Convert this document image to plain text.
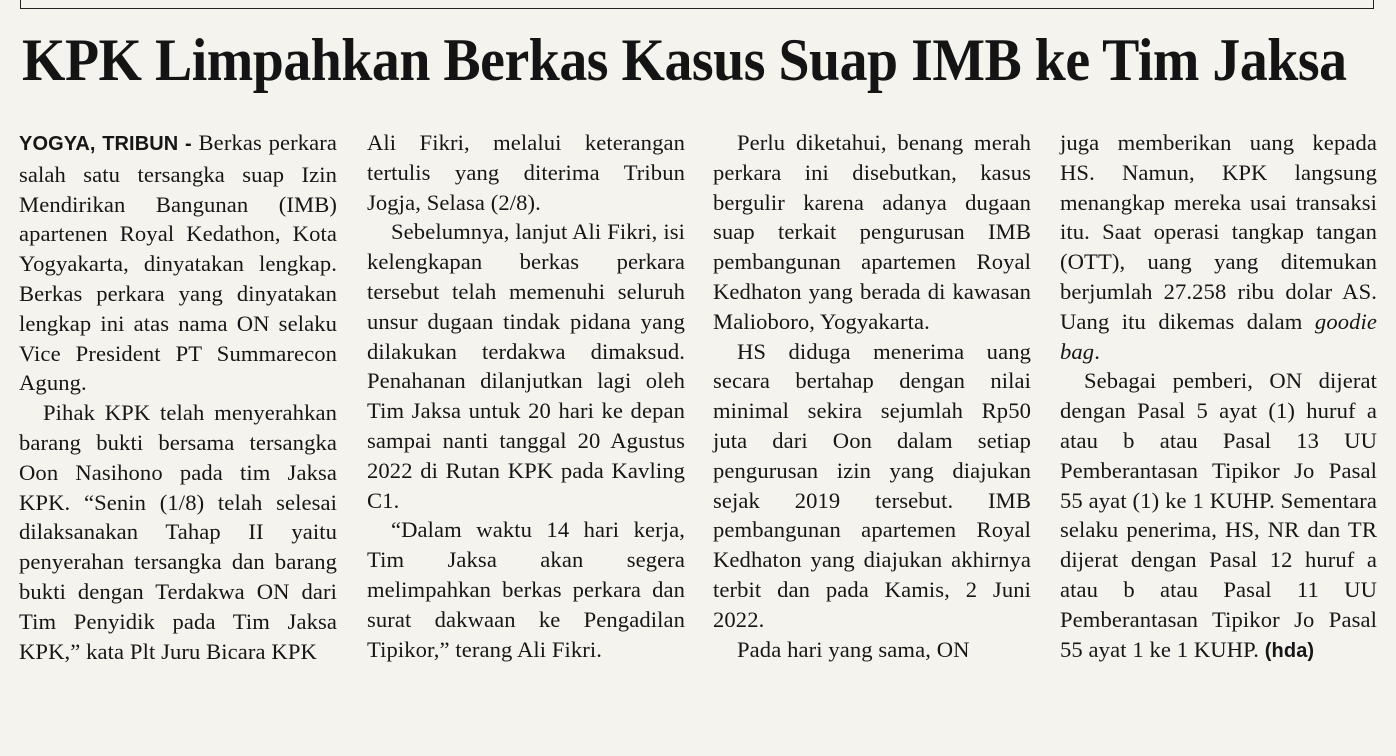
KPK Limpahkan Berkas Kasus Suap IMB ke Tim Jaksa

YOGYA, TRIBUN - Berkas perkara salah satu tersangka suap Izin Mendirikan Bangunan (IMB) apartenen Royal Kedathon, Kota Yogyakarta, dinyatakan lengkap. Berkas perkara yang dinyatakan lengkap ini atas nama ON selaku Vice President PT Summarecon Agung.

Pihak KPK telah menyerahkan barang bukti bersama tersangka Oon Nasihono pada tim Jaksa KPK. “Senin (1/8) telah selesai dilaksanakan Tahap II yaitu penyerahan tersangka dan barang bukti dengan Terdakwa ON dari Tim Penyidik pada Tim Jaksa KPK,” kata Plt Juru Bicara KPK

Ali Fikri, melalui keterangan tertulis yang diterima Tribun Jogja, Selasa (2/8).

Sebelumnya, lanjut Ali Fikri, isi kelengkapan berkas perkara tersebut telah memenuhi seluruh unsur dugaan tindak pidana yang dilakukan terdakwa dimaksud. Penahanan dilanjutkan lagi oleh Tim Jaksa untuk 20 hari ke depan sampai nanti tanggal 20 Agustus 2022 di Rutan KPK pada Kavling C1.

“Dalam waktu 14 hari kerja, Tim Jaksa akan segera melimpahkan berkas perkara dan surat dakwaan ke Pengadilan Tipikor,” terang Ali Fikri.

Perlu diketahui, benang merah perkara ini disebutkan, kasus bergulir karena adanya dugaan suap terkait pengurusan IMB pembangunan apartemen Royal Kedhaton yang berada di kawasan Malioboro, Yogyakarta.

HS diduga menerima uang secara bertahap dengan nilai minimal sekira sejumlah Rp50 juta dari Oon dalam setiap pengurusan izin yang diajukan sejak 2019 tersebut. IMB pembangunan apartemen Royal Kedhaton yang diajukan akhirnya terbit dan pada Kamis, 2 Juni 2022.

Pada hari yang sama, ON

juga memberikan uang kepada HS. Namun, KPK langsung menangkap mereka usai transaksi itu. Saat operasi tangkap tangan (OTT), uang yang ditemukan berjumlah 27.258 ribu dolar AS. Uang itu dikemas dalam goodie bag.

Sebagai pemberi, ON dijerat dengan Pasal 5 ayat (1) huruf a atau b atau Pasal 13 UU Pemberantasan Tipikor Jo Pasal 55 ayat (1) ke 1 KUHP. Sementara selaku penerima, HS, NR dan TR dijerat dengan Pasal 12 huruf a atau b atau Pasal 11 UU Pemberantasan Tipikor Jo Pasal 55 ayat 1 ke 1 KUHP. (hda)
